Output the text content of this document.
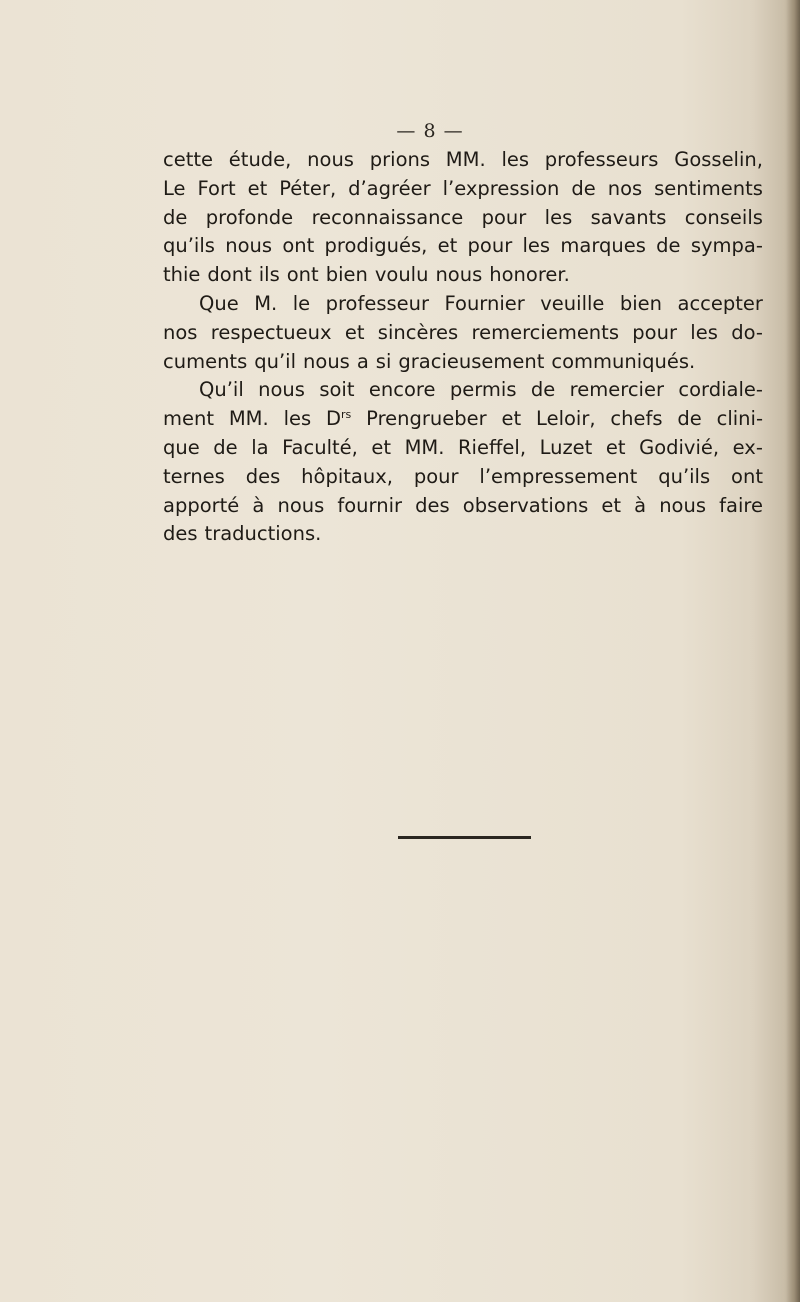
— 8 —
cette étude, nous prions MM. les professeurs Gosselin,
Le Fort et Péter, d’agréer l’expression de nos sentiments
de profonde reconnaissance pour les savants conseils
qu’ils nous ont prodigués, et pour les marques de sympa-
thie dont ils ont bien voulu nous honorer.
Que M. le professeur Fournier veuille bien accepter
nos respectueux et sincères remerciements pour les do-
cuments qu’il nous a si gracieusement communiqués.
Qu’il nous soit encore permis de remercier cordiale-
ment MM. les $D^{rs}$ Prengrueber et Leloir, chefs de clini-
que de la Faculté, et MM. Rieffel, Luzet et Godivié, ex-
ternes des hôpitaux, pour l’empressement qu’ils ont
apporté à nous fournir des observations et à nous faire
des traductions.
